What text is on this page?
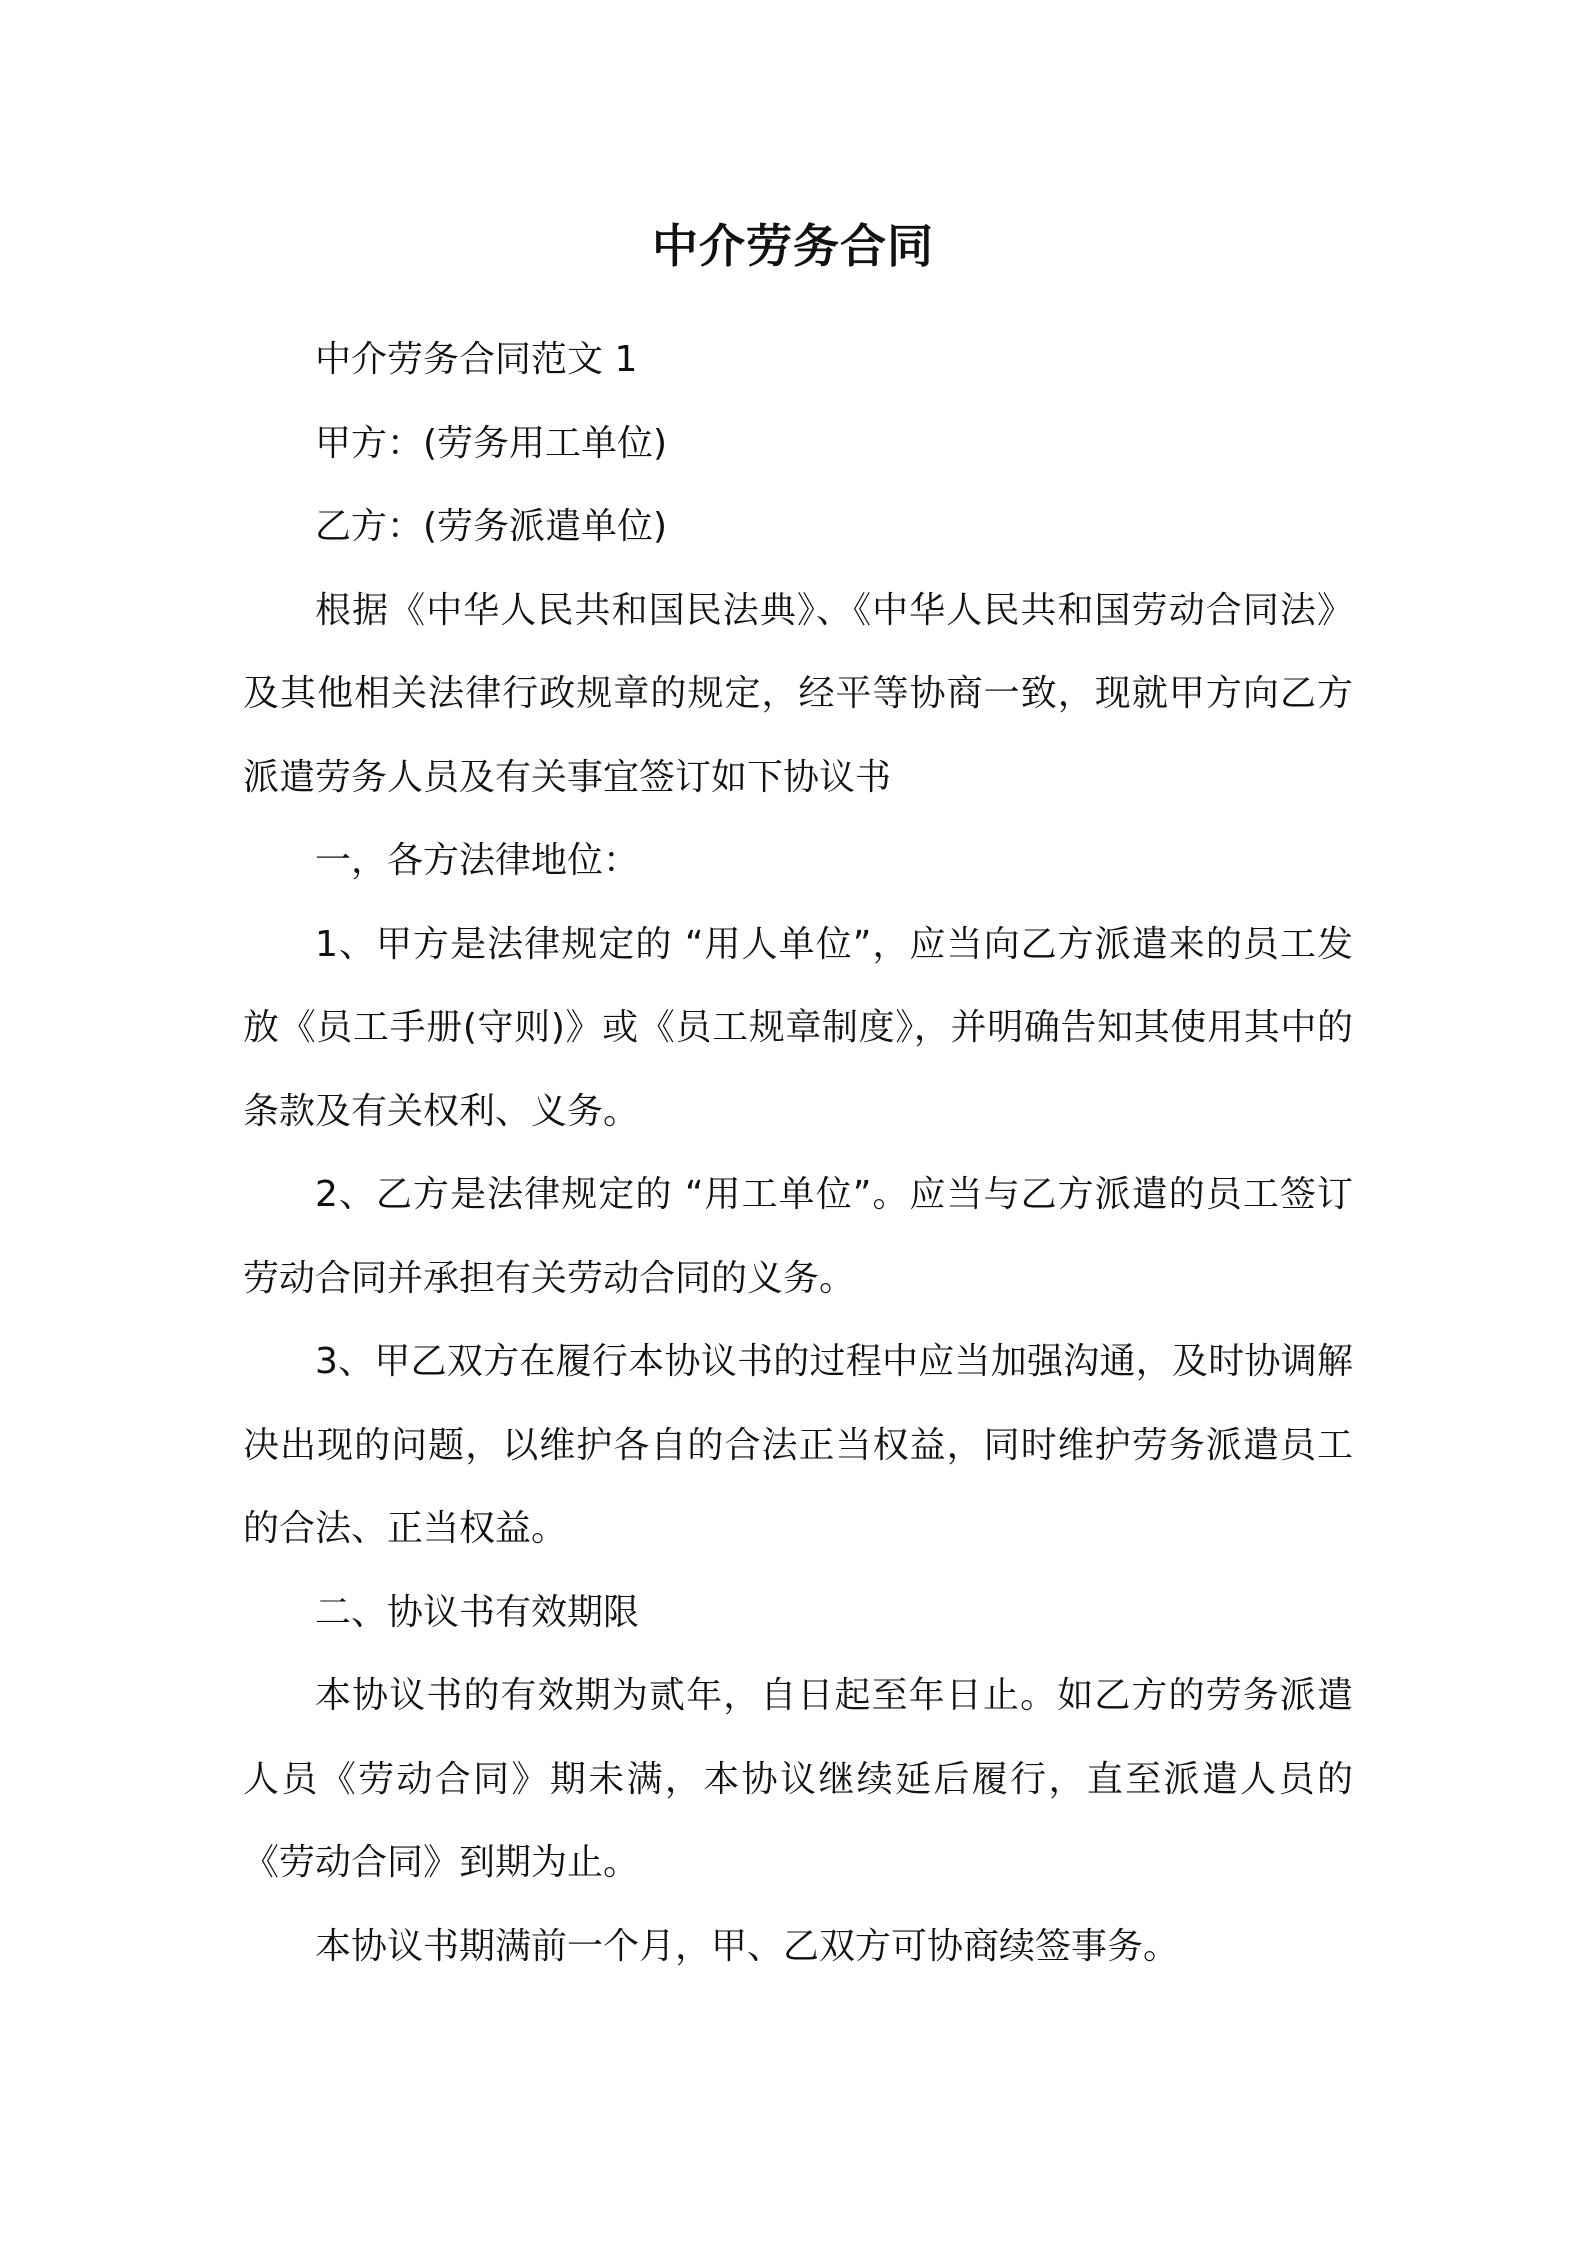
中介劳务合同

中介劳务合同范文 1

甲方：(劳务用工单位)

乙方：(劳务派遣单位)

根据《中华人民共和国民法典》、《中华人民共和国劳动合同法》及其他相关法律行政规章的规定，经平等协商一致，现就甲方向乙方派遣劳务人员及有关事宜签订如下协议书

一，各方法律地位：

1、甲方是法律规定的 “用人单位”，应当向乙方派遣来的员工发放《员工手册(守则)》或《员工规章制度》，并明确告知其使用其中的条款及有关权利、义务。

2、乙方是法律规定的 “用工单位”。应当与乙方派遣的员工签订劳动合同并承担有关劳动合同的义务。

3、甲乙双方在履行本协议书的过程中应当加强沟通，及时协调解决出现的问题，以维护各自的合法正当权益，同时维护劳务派遣员工的合法、正当权益。

二、协议书有效期限

本协议书的有效期为贰年，自日起至年日止。如乙方的劳务派遣人员《劳动合同》期未满，本协议继续延后履行，直至派遣人员的《劳动合同》到期为止。

本协议书期满前一个月，甲、乙双方可协商续签事务。
